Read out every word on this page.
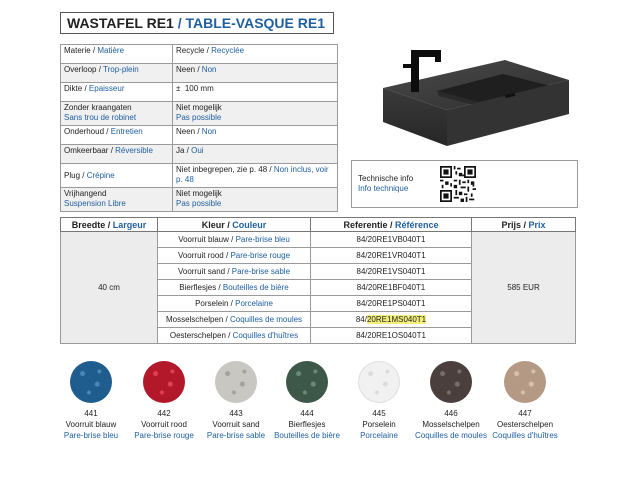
WASTAFEL RE1 / TABLE-VASQUE RE1
Materie / Matière	Recycle / Recyclée
Overloop / Trop-plein	Neen / Non
Dikte / Epaisseur	±  100 mm
Zonder kraangaten
Sans trou de robinet	Niet mogelijk
Pas possible
Onderhoud / Entretien	Neen / Non
Omkeerbaar / Réversible	Ja / Oui
Plug / Crépine	Niet inbegrepen, zie p. 48 / Non inclus, voir p. 48
Vrijhangend
Suspension Libre	Niet mogelijk
Pas possible
Technische info
Info technique
Breedte / Largeur	Kleur / Couleur	Referentie / Référence	Prijs / Prix
40 cm	Voorruit blauw / Pare-brise bleu	84/20RE1VB040T1	585 EUR
	Voorruit rood / Pare-brise rouge	84/20RE1VR040T1	
	Voorruit sand / Pare-brise sable	84/20RE1VS040T1	
	Bierflesjes / Bouteilles de bière	84/20RE1BF040T1	
	Porselein / Porcelaine	84/20RE1PS040T1	
	Mosselschelpen / Coquilles de moules	84/20RE1MS040T1	
	Oesterschelpen / Coquilles d'huîtres	84/20RE1OS040T1	
441
Voorruit blauw
Pare-brise bleu
442
Voorruit rood
Pare-brise rouge
443
Voorruit sand
Pare-brise sable
444
Bierflesjes
Bouteilles de bière
445
Porselein
Porcelaine
446
Mosselschelpen
Coquilles de moules
447
Oesterschelpen
Coquilles d'huîtres
